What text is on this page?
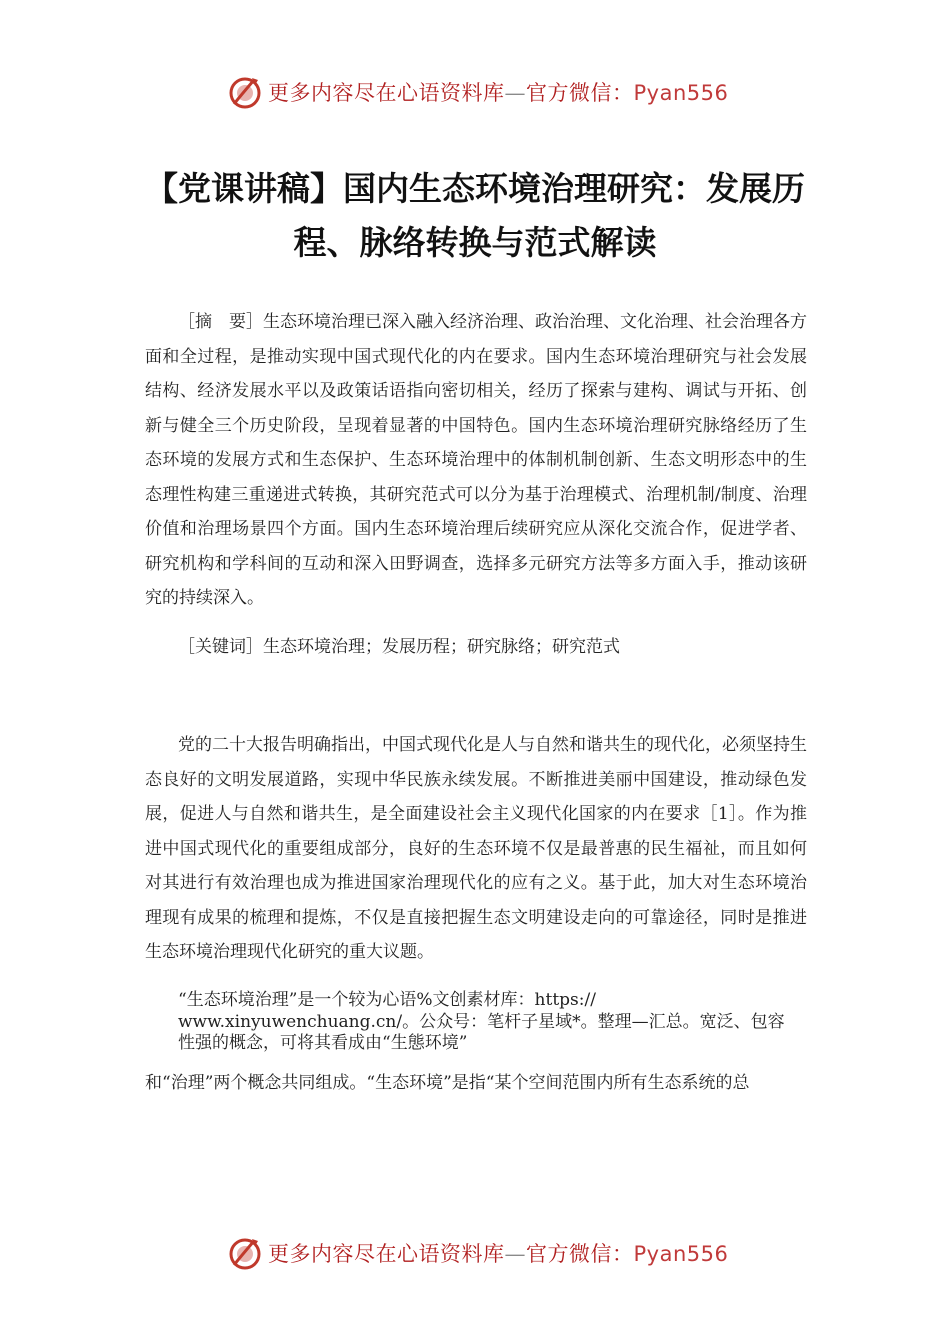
更多内容尽在心语资料库—官方微信：Pyan556
【党课讲稿】国内生态环境治理研究：发展历程、脉络转换与范式解读

［摘　要］生态环境治理已深入融入经济治理、政治治理、文化治理、社会治理各方面和全过程，是推动实现中国式现代化的内在要求。国内生态环境治理研究与社会发展结构、经济发展水平以及政策话语指向密切相关，经历了探索与建构、调试与开拓、创新与健全三个历史阶段，呈现着显著的中国特色。国内生态环境治理研究脉络经历了生态环境的发展方式和生态保护、生态环境治理中的体制机制创新、生态文明形态中的生态理性构建三重递进式转换，其研究范式可以分为基于治理模式、治理机制/制度、治理价值和治理场景四个方面。国内生态环境治理后续研究应从深化交流合作，促进学者、研究机构和学科间的互动和深入田野调查，选择多元研究方法等多方面入手，推动该研究的持续深入。

［关键词］生态环境治理；发展历程；研究脉络；研究范式

党的二十大报告明确指出，中国式现代化是人与自然和谐共生的现代化，必须坚持生态良好的文明发展道路，实现中华民族永续发展。不断推进美丽中国建设，推动绿色发展，促进人与自然和谐共生，是全面建设社会主义现代化国家的内在要求［1］。作为推进中国式现代化的重要组成部分，良好的生态环境不仅是最普惠的民生福祉，而且如何对其进行有效治理也成为推进国家治理现代化的应有之义。基于此，加大对生态环境治理现有成果的梳理和提炼，不仅是直接把握生态文明建设走向的可靠途径，同时是推进生态环境治理现代化研究的重大议题。

“生态环境治理”是一个较为心语%文创素材库：https://
www.xinyuwenchuang.cn/。公众号：笔杆子星域*。整理—汇总。宽泛、包容
性强的概念，可将其看成由“生態环境”

和“治理”两个概念共同组成。“生态环境”是指“某个空间范围内所有生态系统的总

更多内容尽在心语资料库—官方微信：Pyan556
